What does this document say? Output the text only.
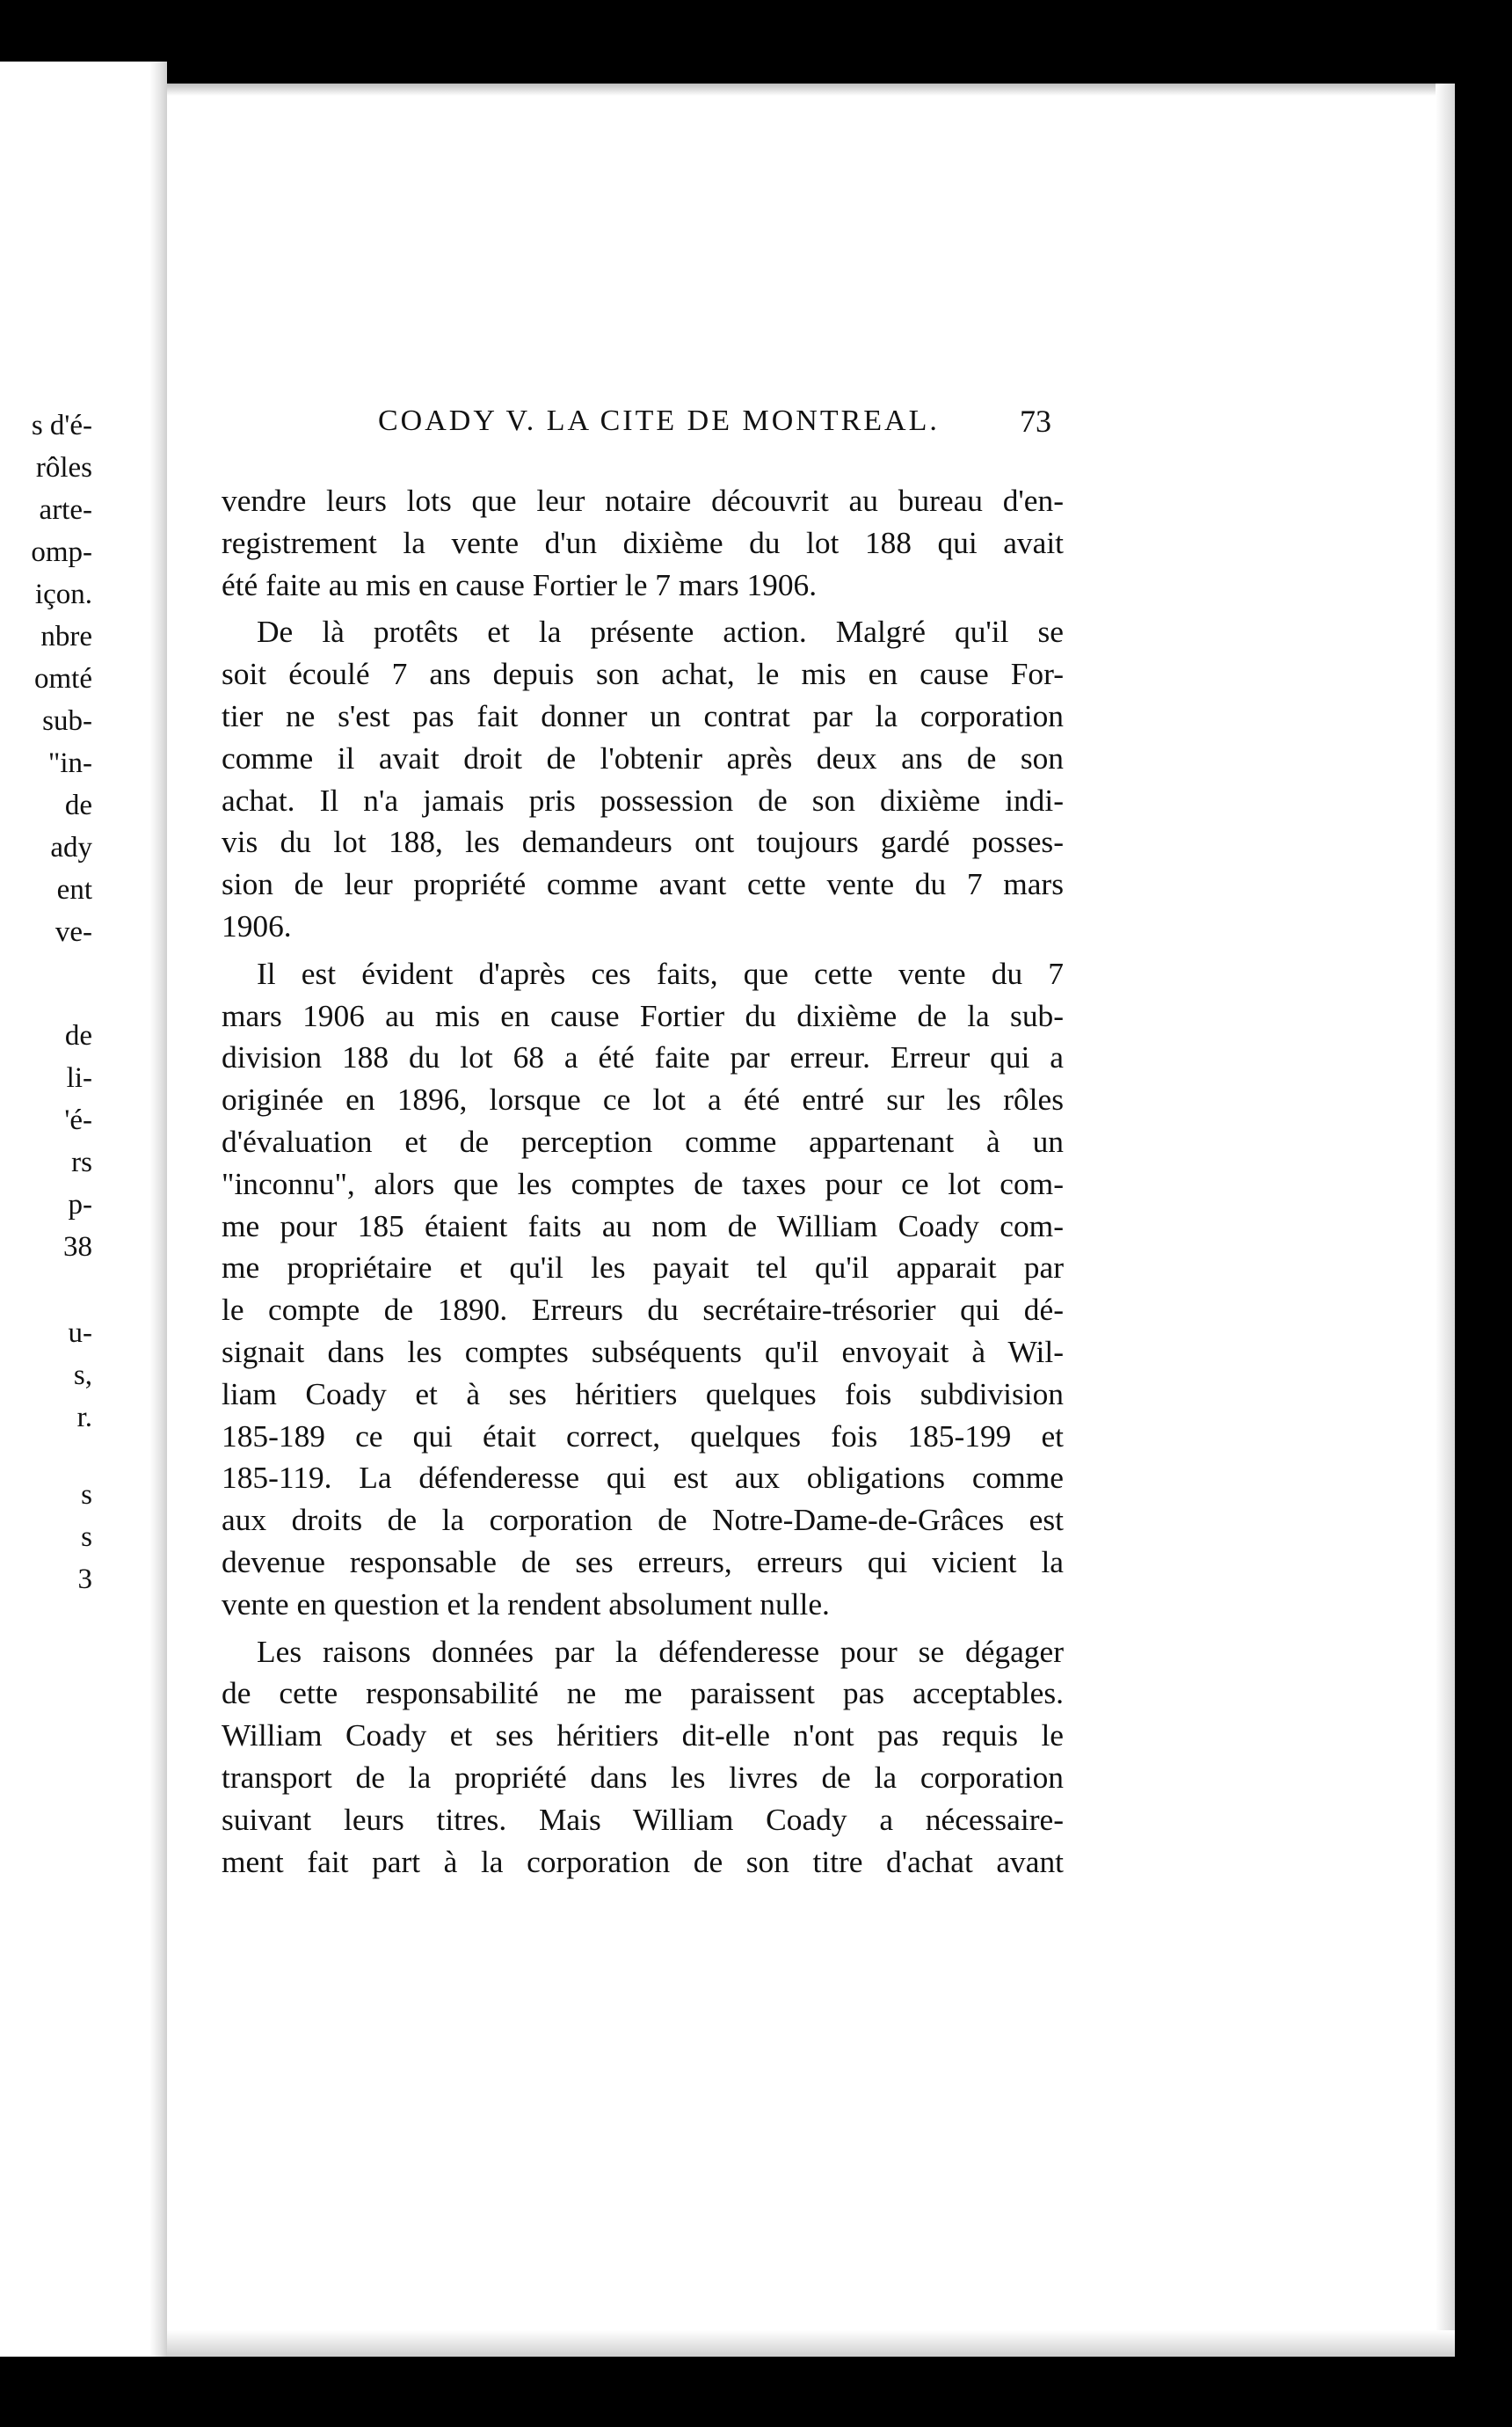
s d'é-
rôles
arte-
omp-
içon.
nbre
omté
sub-
"in-
de
ady
ent
ve-
de
li-
'é-
rs
p-
38
u-
s,
r.
s
s
3
COADY V. LA CITE DE MONTREAL.	73
vendre leurs lots que leur notaire découvrit au bureau d'en-
registrement la vente d'un dixième du lot 188 qui avait
été faite au mis en cause Fortier le 7 mars 1906.
De là protêts et la présente action. Malgré qu'il se
soit écoulé 7 ans depuis son achat, le mis en cause For-
tier ne s'est pas fait donner un contrat par la corporation
comme il avait droit de l'obtenir après deux ans de son
achat. Il n'a jamais pris possession de son dixième indi-
vis du lot 188, les demandeurs ont toujours gardé posses-
sion de leur propriété comme avant cette vente du 7 mars
1906.
Il est évident d'après ces faits, que cette vente du 7
mars 1906 au mis en cause Fortier du dixième de la sub-
division 188 du lot 68 a été faite par erreur. Erreur qui a
originée en 1896, lorsque ce lot a été entré sur les rôles
d'évaluation et de perception comme appartenant à un
"inconnu", alors que les comptes de taxes pour ce lot com-
me pour 185 étaient faits au nom de William Coady com-
me propriétaire et qu'il les payait tel qu'il apparait par
le compte de 1890. Erreurs du secrétaire-trésorier qui dé-
signait dans les comptes subséquents qu'il envoyait à Wil-
liam Coady et à ses héritiers quelques fois subdivision
185-189 ce qui était correct, quelques fois 185-199 et
185-119. La défenderesse qui est aux obligations comme
aux droits de la corporation de Notre-Dame-de-Grâces est
devenue responsable de ses erreurs, erreurs qui vicient la
vente en question et la rendent absolument nulle.
Les raisons données par la défenderesse pour se dégager
de cette responsabilité ne me paraissent pas acceptables.
William Coady et ses héritiers dit-elle n'ont pas requis le
transport de la propriété dans les livres de la corporation
suivant leurs titres. Mais William Coady a nécessaire-
ment fait part à la corporation de son titre d'achat avant
